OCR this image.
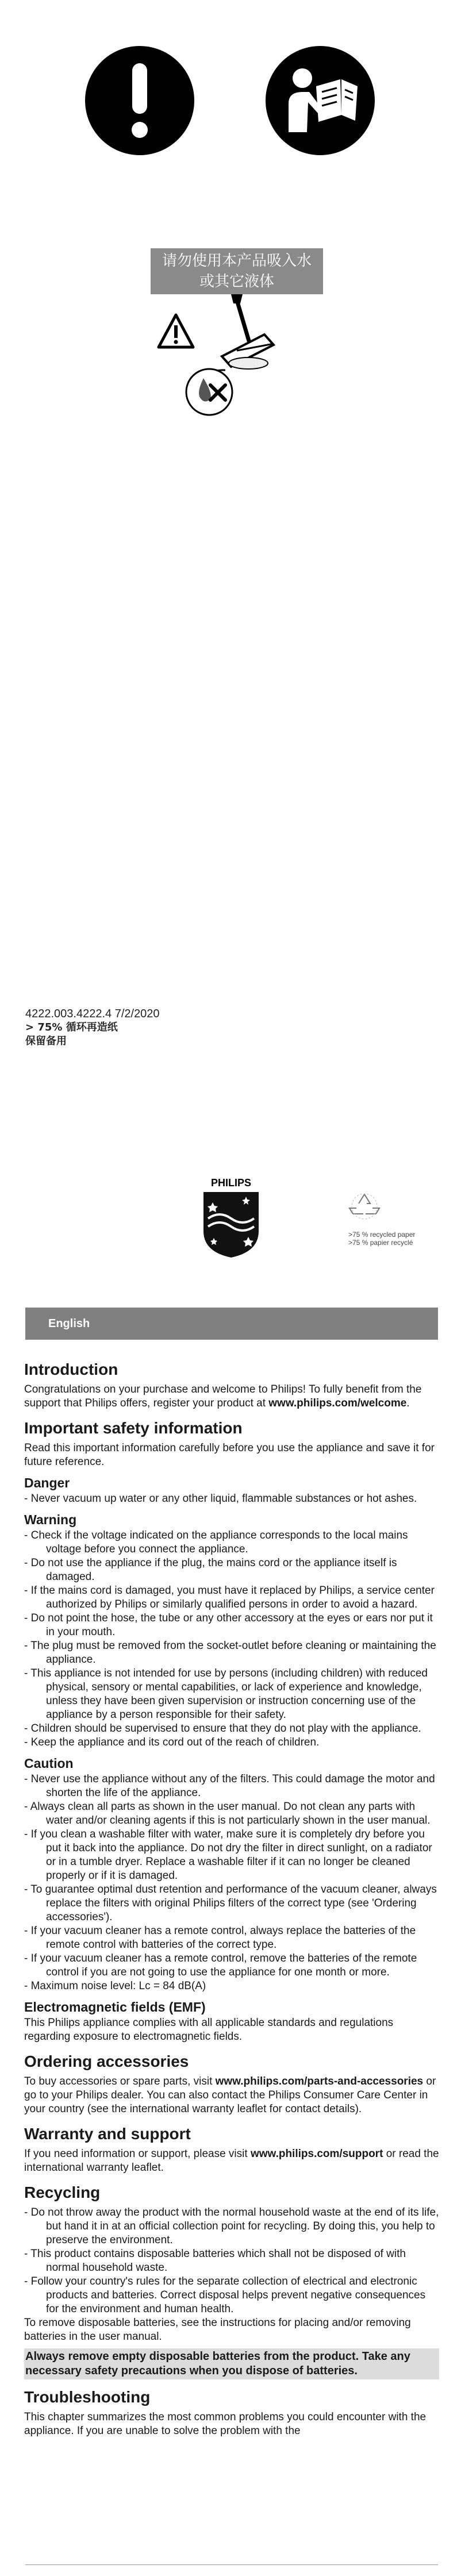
请勿使用本产品吸入水
或其它液体
4222.003.4222.4 7/2/2020
> 75% 循环再造纸
保留备用
PHILIPS
>75 % recycled paper
>75 % papier recyclé
English
Introduction

Congratulations on your purchase and welcome to Philips! To fully benefit from the support that Philips offers, register your product at www.philips.com/welcome.

Important safety information

Read this important information carefully before you use the appliance and save it for future reference.

Danger
- Never vacuum up water or any other liquid, flammable substances or hot ashes.
Warning
- Check if the voltage indicated on the appliance corresponds to the local mains voltage before you connect the appliance.
- Do not use the appliance if the plug, the mains cord or the appliance itself is damaged.
- If the mains cord is damaged, you must have it replaced by Philips, a service center authorized by Philips or similarly qualified persons in order to avoid a hazard.
- Do not point the hose, the tube or any other accessory at the eyes or ears nor put it in your mouth.
- The plug must be removed from the socket-outlet before cleaning or maintaining the appliance.
- This appliance is not intended for use by persons (including children) with reduced physical, sensory or mental capabilities, or lack of experience and knowledge, unless they have been given supervision or instruction concerning use of the appliance by a person responsible for their safety.
- Children should be supervised to ensure that they do not play with the appliance.
- Keep the appliance and its cord out of the reach of children.
Caution
- Never use the appliance without any of the filters. This could damage the motor and shorten the life of the appliance.
- Always clean all parts as shown in the user manual. Do not clean any parts with water and/or cleaning agents if this is not particularly shown in the user manual.
- If you clean a washable filter with water, make sure it is completely dry before you put it back into the appliance. Do not dry the filter in direct sunlight, on a radiator or in a tumble dryer. Replace a washable filter if it can no longer be cleaned properly or if it is damaged.
- To guarantee optimal dust retention and performance of the vacuum cleaner, always replace the filters with original Philips filters of the correct type (see 'Ordering accessories').
- If your vacuum cleaner has a remote control, always replace the batteries of the remote control with batteries of the correct type.
- If your vacuum cleaner has a remote control, remove the batteries of the remote control if you are not going to use the appliance for one month or more.
- Maximum noise level: Lc = 84 dB(A)
Electromagnetic fields (EMF)

This Philips appliance complies with all applicable standards and regulations regarding exposure to electromagnetic fields.

Ordering accessories

To buy accessories or spare parts, visit www.philips.com/parts-and-accessories or go to your Philips dealer. You can also contact the Philips Consumer Care Center in your country (see the international warranty leaflet for contact details).

Warranty and support

If you need information or support, please visit www.philips.com/support or read the international warranty leaflet.

Recycling
- Do not throw away the product with the normal household waste at the end of its life, but hand it in at an official collection point for recycling. By doing this, you help to preserve the environment.
- This product contains disposable batteries which shall not be disposed of with normal household waste.
- Follow your country's rules for the separate collection of electrical and electronic products and batteries. Correct disposal helps prevent negative consequences for the environment and human health.

To remove disposable batteries, see the instructions for placing and/or removing batteries in the user manual.

Always remove empty disposable batteries from the product. Take any necessary safety precautions when you dispose of batteries.
Troubleshooting

This chapter summarizes the most common problems you could encounter with the appliance. If you are unable to solve the problem with the
